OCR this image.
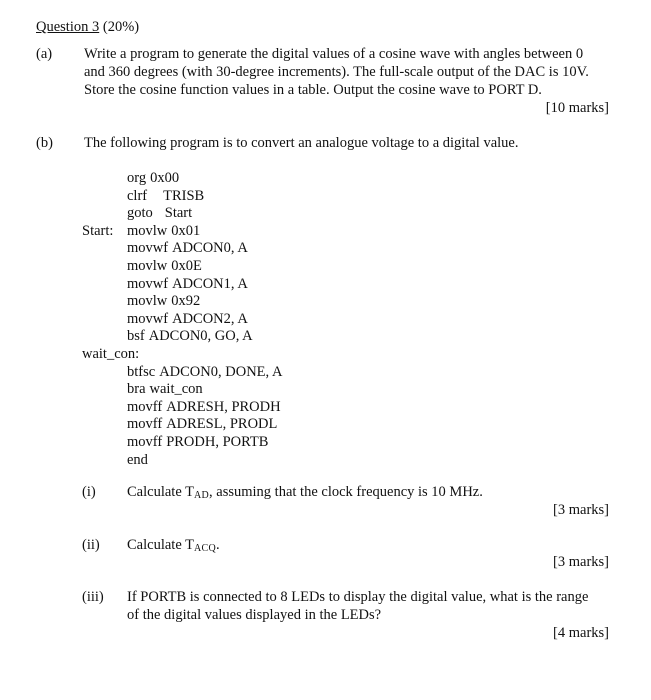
Question 3 (20%)
(a) Write a program to generate the digital values of a cosine wave with angles between 0
and 360 degrees (with 30-degree increments). The full-scale output of the DAC is 10V.
Store the cosine function values in a table. Output the cosine wave to PORT D.
[10 marks]
(b) The following program is to convert an analogue voltage to a digital value.
org 0x00
clrf TRISB
goto Start
Start: movlw 0x01
movwf ADCON0, A
movlw 0x0E
movwf ADCON1, A
movlw 0x92
movwf ADCON2, A
bsf ADCON0, GO, A
wait_con:
btfsc ADCON0, DONE, A
bra wait_con
movff ADRESH, PRODH
movff ADRESL, PRODL
movff PRODH, PORTB
end
(i) Calculate $T_{AD}$, assuming that the clock frequency is 10 MHz.
[3 marks]
(ii) Calculate $T_{ACQ}$.
[3 marks]
(iii) If PORTB is connected to 8 LEDs to display the digital value, what is the range
of the digital values displayed in the LEDs?
[4 marks]
